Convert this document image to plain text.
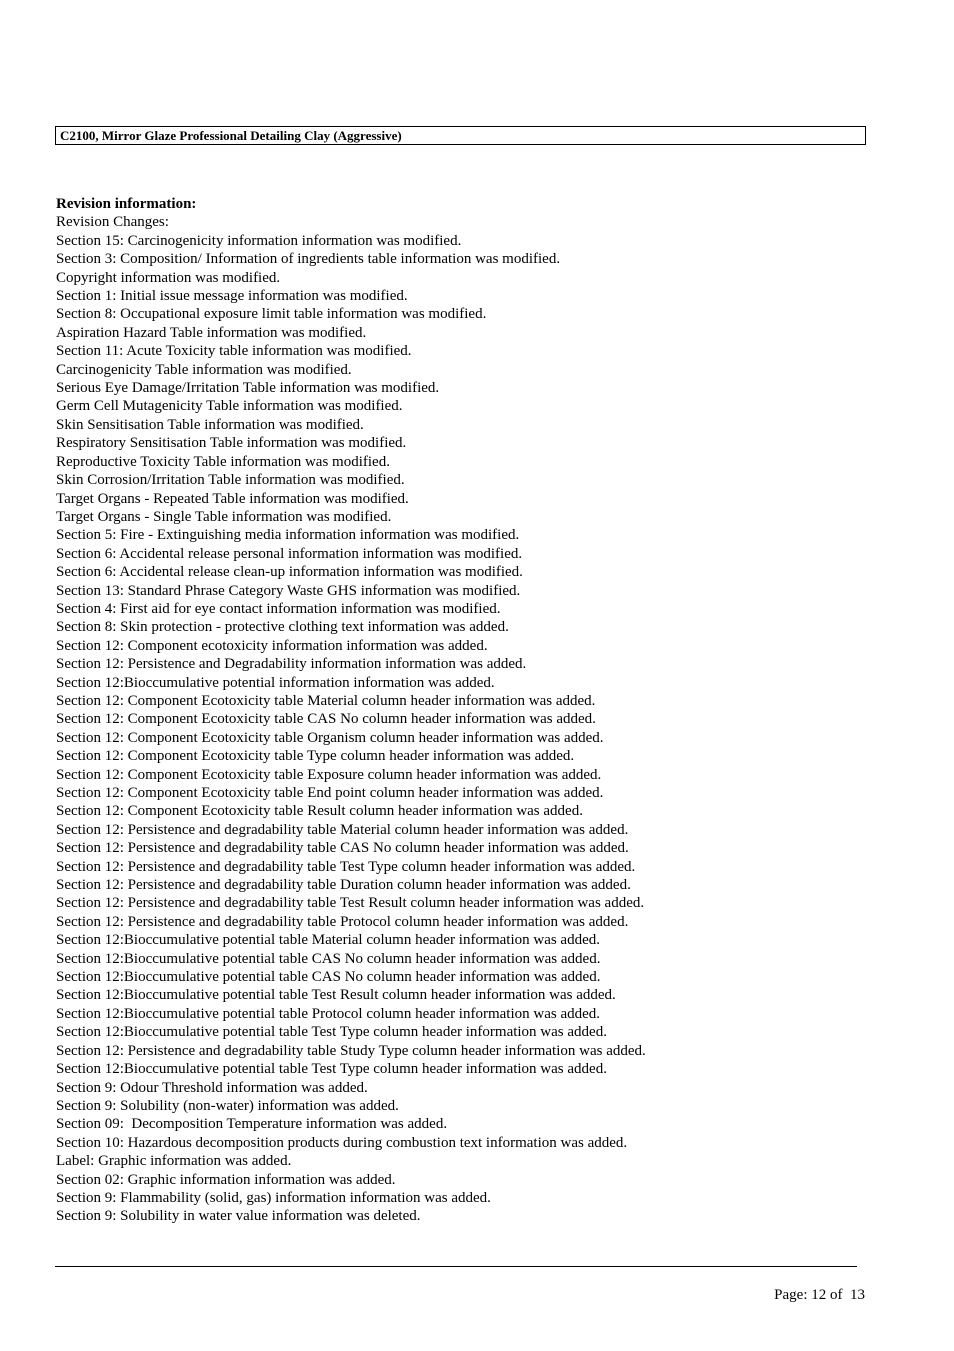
C2100, Mirror Glaze Professional Detailing Clay (Aggressive)
Revision information:
Revision Changes:
Section 15: Carcinogenicity information information was modified.
Section 3: Composition/ Information of ingredients table information was modified.
Copyright information was modified.
Section 1: Initial issue message information was modified.
Section 8: Occupational exposure limit table information was modified.
Aspiration Hazard Table information was modified.
Section 11: Acute Toxicity table information was modified.
Carcinogenicity Table information was modified.
Serious Eye Damage/Irritation Table information was modified.
Germ Cell Mutagenicity Table information was modified.
Skin Sensitisation Table information was modified.
Respiratory Sensitisation Table information was modified.
Reproductive Toxicity Table information was modified.
Skin Corrosion/Irritation Table information was modified.
Target Organs - Repeated Table information was modified.
Target Organs - Single Table information was modified.
Section 5: Fire - Extinguishing media information information was modified.
Section 6: Accidental release personal information information was modified.
Section 6: Accidental release clean-up information information was modified.
Section 13: Standard Phrase Category Waste GHS information was modified.
Section 4: First aid for eye contact information information was modified.
Section 8: Skin protection - protective clothing text information was added.
Section 12: Component ecotoxicity information information was added.
Section 12: Persistence and Degradability information information was added.
Section 12:Bioccumulative potential information information was added.
Section 12: Component Ecotoxicity table Material column header information was added.
Section 12: Component Ecotoxicity table CAS No column header information was added.
Section 12: Component Ecotoxicity table Organism column header information was added.
Section 12: Component Ecotoxicity table Type column header information was added.
Section 12: Component Ecotoxicity table Exposure column header information was added.
Section 12: Component Ecotoxicity table End point column header information was added.
Section 12: Component Ecotoxicity table Result column header information was added.
Section 12: Persistence and degradability table Material column header information was added.
Section 12: Persistence and degradability table CAS No column header information was added.
Section 12: Persistence and degradability table Test Type column header information was added.
Section 12: Persistence and degradability table Duration column header information was added.
Section 12: Persistence and degradability table Test Result column header information was added.
Section 12: Persistence and degradability table Protocol column header information was added.
Section 12:Bioccumulative potential table Material column header information was added.
Section 12:Bioccumulative potential table CAS No column header information was added.
Section 12:Bioccumulative potential table CAS No column header information was added.
Section 12:Bioccumulative potential table Test Result column header information was added.
Section 12:Bioccumulative potential table Protocol column header information was added.
Section 12:Bioccumulative potential table Test Type column header information was added.
Section 12: Persistence and degradability table Study Type column header information was added.
Section 12:Bioccumulative potential table Test Type column header information was added.
Section 9: Odour Threshold information was added.
Section 9: Solubility (non-water) information was added.
Section 09:  Decomposition Temperature information was added.
Section 10: Hazardous decomposition products during combustion text information was added.
Label: Graphic information was added.
Section 02: Graphic information information was added.
Section 9: Flammability (solid, gas) information information was added.
Section 9: Solubility in water value information was deleted.
Page: 12 of  13
